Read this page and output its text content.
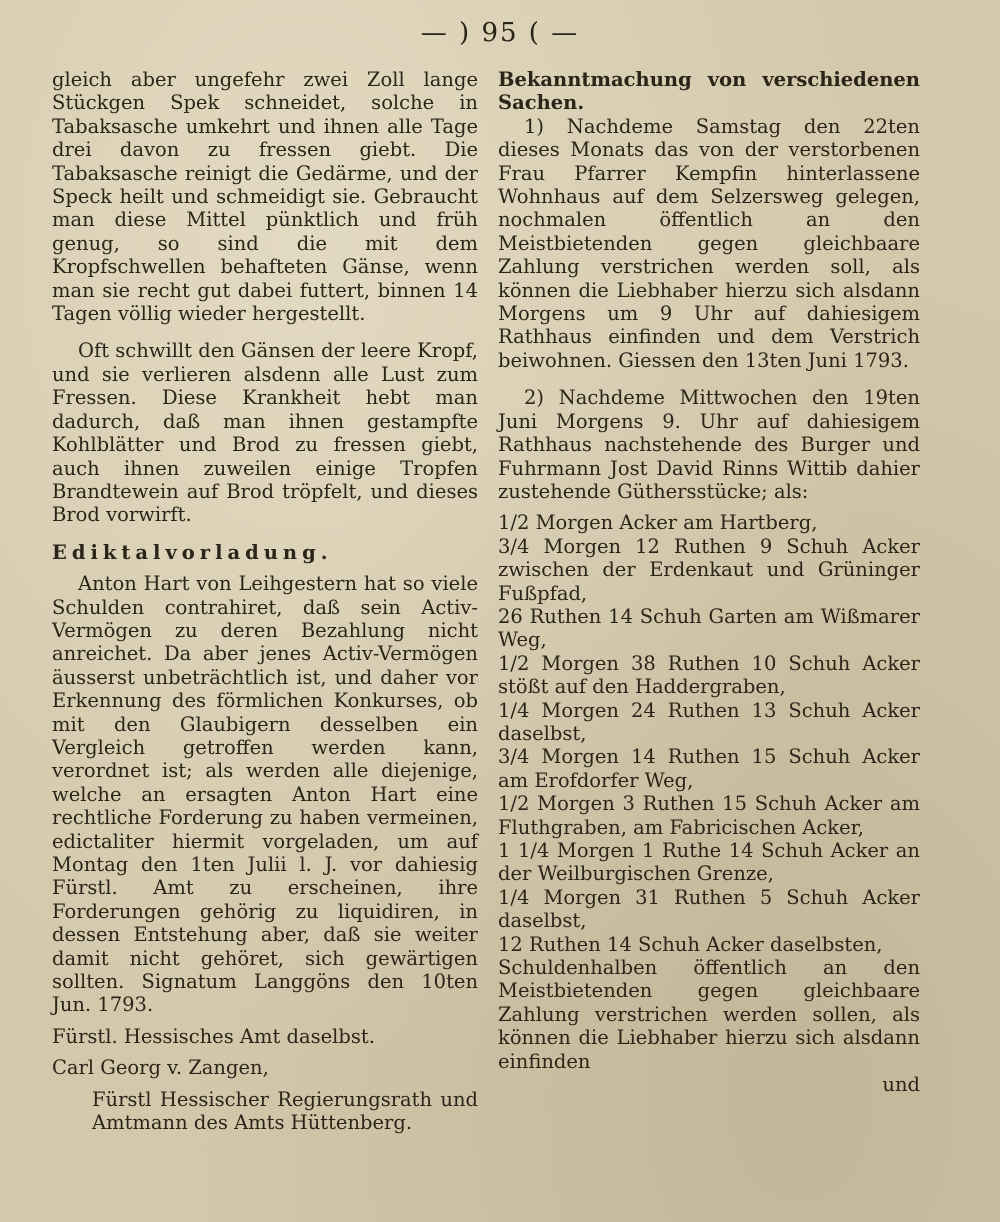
— ) 95 ( —

gleich aber ungefehr zwei Zoll lange Stückgen Spek schneidet, solche in Tabaksasche umkehrt und ihnen alle Tage drei davon zu fressen giebt. Die Tabaksasche reinigt die Gedärme, und der Speck heilt und schmeidigt sie. Gebraucht man diese Mittel pünktlich und früh genug, so sind die mit dem Kropfschwellen behafteten Gänse, wenn man sie recht gut dabei futtert, binnen 14 Tagen völlig wieder hergestellt.

Oft schwillt den Gänsen der leere Kropf, und sie verlieren alsdenn alle Lust zum Fressen. Diese Krankheit hebt man dadurch, daß man ihnen gestampfte Kohlblätter und Brod zu fressen giebt, auch ihnen zuweilen einige Tropfen Brandtewein auf Brod tröpfelt, und dieses Brod vorwirft.

Ediktalvorladung.

Anton Hart von Leihgestern hat so viele Schulden contrahiret, daß sein Activ-Vermögen zu deren Bezahlung nicht anreichet. Da aber jenes Activ-Vermögen äusserst unbeträchtlich ist, und daher vor Erkennung des förmlichen Konkurses, ob mit den Glaubigern desselben ein Vergleich getroffen werden kann, verordnet ist; als werden alle diejenige, welche an ersagten Anton Hart eine rechtliche Forderung zu haben vermeinen, edictaliter hiermit vorgeladen, um auf Montag den 1ten Julii l. J. vor dahiesig Fürstl. Amt zu erscheinen, ihre Forderungen gehörig zu liquidiren, in dessen Entstehung aber, daß sie weiter damit nicht gehöret, sich gewärtigen sollten. Signatum Langgöns den 10ten Jun. 1793.

Fürstl. Hessisches Amt daselbst.

Carl Georg v. Zangen,

Fürstl Hessischer Regierungsrath und Amtmann des Amts Hüttenberg.

Bekanntmachung von verschiedenen Sachen.

1) Nachdeme Samstag den 22ten dieses Monats das von der verstorbenen Frau Pfarrer Kempfin hinterlassene Wohnhaus auf dem Selzersweg gelegen, nochmalen öffentlich an den Meistbietenden gegen gleichbaare Zahlung verstrichen werden soll, als können die Liebhaber hierzu sich alsdann Morgens um 9 Uhr auf dahiesigem Rathhaus einfinden und dem Verstrich beiwohnen. Giessen den 13ten Juni 1793.

2) Nachdeme Mittwochen den 19ten Juni Morgens 9. Uhr auf dahiesigem Rathhaus nachstehende des Burger und Fuhrmann Jost David Rinns Wittib dahier zustehende Güthersstücke; als:

1/2 Morgen Acker am Hartberg,

3/4 Morgen 12 Ruthen 9 Schuh Acker zwischen der Erdenkaut und Grüninger Fußpfad,

26 Ruthen 14 Schuh Garten am Wißmarer Weg,

1/2 Morgen 38 Ruthen 10 Schuh Acker stößt auf den Haddergraben,

1/4 Morgen 24 Ruthen 13 Schuh Acker daselbst,

3/4 Morgen 14 Ruthen 15 Schuh Acker am Erofdorfer Weg,

1/2 Morgen 3 Ruthen 15 Schuh Acker am Fluthgraben, am Fabricischen Acker,

1 1/4 Morgen 1 Ruthe 14 Schuh Acker an der Weilburgischen Grenze,

1/4 Morgen 31 Ruthen 5 Schuh Acker daselbst,

12 Ruthen 14 Schuh Acker daselbsten,

Schuldenhalben öffentlich an den Meistbietenden gegen gleichbaare Zahlung verstrichen werden sollen, als können die Liebhaber hierzu sich alsdann einfinden

und
